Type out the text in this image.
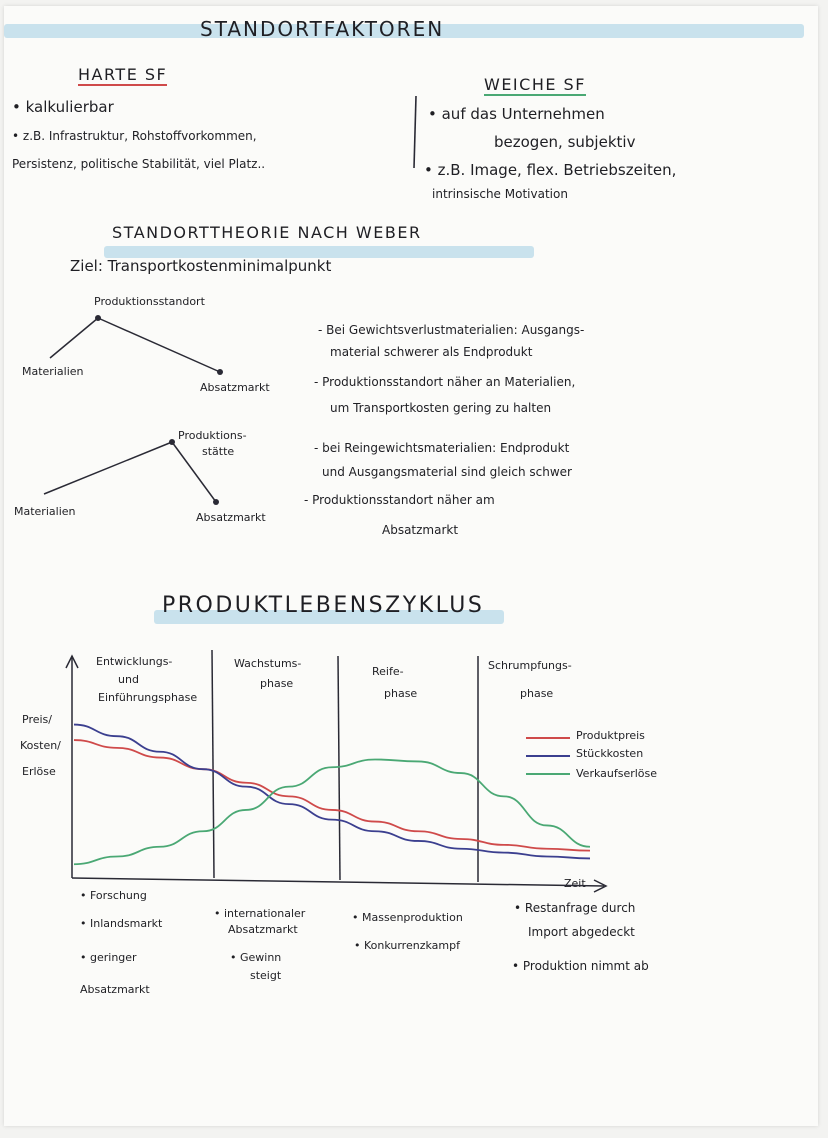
STANDORTFAKTOREN
HARTE SF
• kalkulierbar
• z.B. Infrastruktur, Rohstoffvorkommen,
Persistenz, politische Stabilität, viel Platz..
WEICHE SF
• auf das Unternehmen
bezogen, subjektiv
• z.B. Image, flex. Betriebszeiten,
intrinsische Motivation
STANDORTTHEORIE NACH WEBER
Ziel: Transportkostenminimalpunkt
Produktionsstandort
Materialien
Absatzmarkt
Produktions-
stätte
Materialien	Absatzmarkt
- Bei Gewichtsverlustmaterialien: Ausgangs-
material schwerer als Endprodukt
- Produktionsstandort näher an Materialien,
um Transportkosten gering zu halten
- bei Reingewichtsmaterialien: Endprodukt
und Ausgangsmaterial sind gleich schwer
- Produktionsstandort näher am
Absatzmarkt
PRODUKTLEBENSZYKLUS
Entwicklungs-
und
Einführungsphase
Wachstums-
phase
Reife-
phase
Schrumpfungs-
phase
Preis/
Kosten/
Erlöse
Produktpreis
Stückkosten
Verkaufserlöse
Zeit
• Forschung
• Inlandsmarkt
• geringer
Absatzmarkt
• internationaler
Absatzmarkt
• Gewinn
steigt
• Massenproduktion
• Konkurrenzkampf
• Restanfrage durch
Import abgedeckt
• Produktion nimmt ab
